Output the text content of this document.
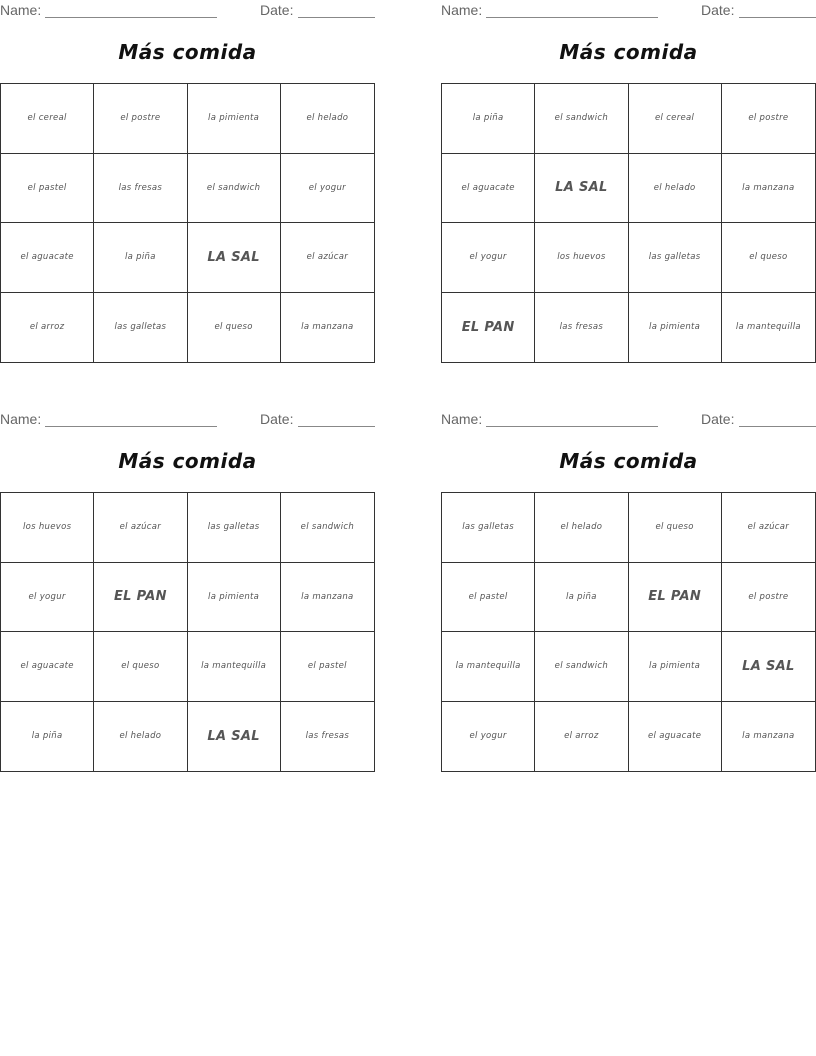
Name:	Date:
Más comida
el cereal	el postre	la pimienta	el helado
el pastel	las fresas	el sandwich	el yogur
el aguacate	la piña	LA SAL	el azúcar
el arroz	las galletas	el queso	la manzana
Name:	Date:
Más comida
la piña	el sandwich	el cereal	el postre
el aguacate	LA SAL	el helado	la manzana
el yogur	los huevos	las galletas	el queso
EL PAN	las fresas	la pimienta	la mantequilla
Name:	Date:
Más comida
los huevos	el azúcar	las galletas	el sandwich
el yogur	EL PAN	la pimienta	la manzana
el aguacate	el queso	la mantequilla	el pastel
la piña	el helado	LA SAL	las fresas
Name:	Date:
Más comida
las galletas	el helado	el queso	el azúcar
el pastel	la piña	EL PAN	el postre
la mantequilla	el sandwich	la pimienta	LA SAL
el yogur	el arroz	el aguacate	la manzana
